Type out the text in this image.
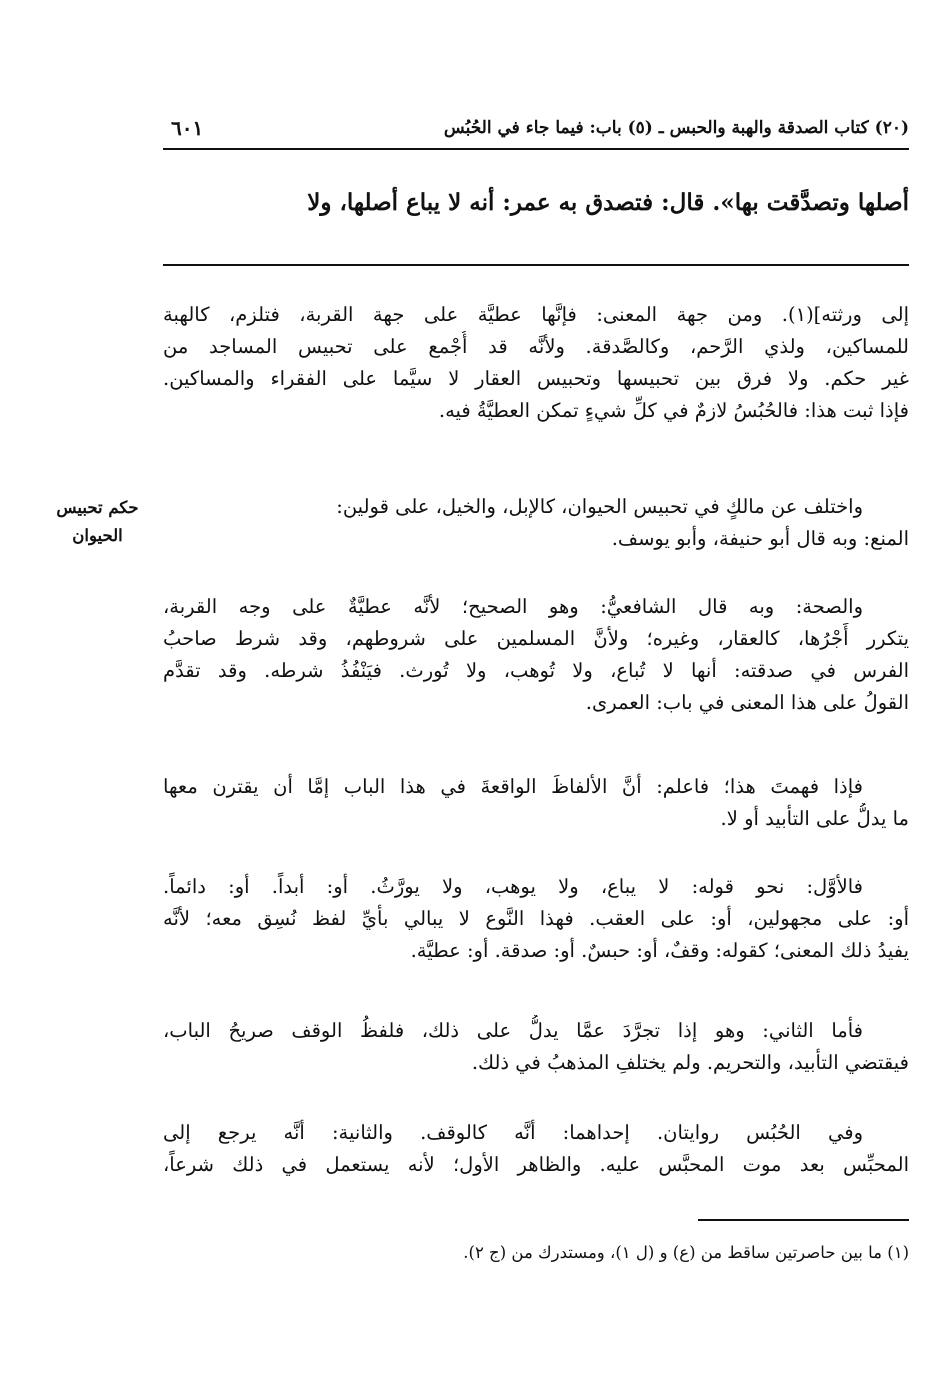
(٢٠) كتاب الصدقة والهبة والحبس ـ (٥) باب: فيما جاء في الحُبُس
٦٠١
أصلها وتصدَّقت بها». قال: فتصدق به عمر: أنه لا يباع أصلها، ولا
إلى ورثته](١). ومن جهة المعنى: فإنَّها عطيَّة على جهة القربة، فتلزم، كالهبة
للمساكين، ولذي الرَّحم، وكالصَّدقة. ولأنَّه قد أُجْمع على تحبيس المساجد من
غير حكم. ولا فرق بين تحبيسها وتحبيس العقار لا سيَّما على الفقراء والمساكين.
فإذا ثبت هذا: فالحُبُسُ لازمٌ في كلِّ شيءٍ تمكن العطيَّةُ فيه.
واختلف عن مالكٍ في تحبيس الحيوان، كالإبل، والخيل، على قولين:
المنع: وبه قال أبو حنيفة، وأبو يوسف.
حكم تحبيس
الحيوان
والصحة: وبه قال الشافعيُّ: وهو الصحيح؛ لأنَّه عطيَّةٌ على وجه القربة،
يتكرر أَجْرُها، كالعقار، وغيره؛ ولأنَّ المسلمين على شروطهم، وقد شرط صاحبُ
الفرس في صدقته: أنها لا تُباع، ولا تُوهب، ولا تُورث. فيَنْفُذُ شرطه. وقد تقدَّم
القولُ على هذا المعنى في باب: العمرى.
فإذا فهمتَ هذا؛ فاعلم: أنَّ الألفاظَ الواقعةَ في هذا الباب إمَّا أن يقترن معها
ما يدلُّ على التأبيد أو لا.
فالأوَّل: نحو قوله: لا يباع، ولا يوهب، ولا يورَّثُ. أو: أبداً. أو: دائماً.
أو: على مجهولين، أو: على العقب. فهذا النَّوع لا يبالي بأيِّ لفظ نُسِق معه؛ لأنَّه
يفيدُ ذلك المعنى؛ كقوله: وقفٌ، أو: حبسٌ. أو: صدقة. أو: عطيَّة.
فأما الثاني: وهو إذا تجرَّدَ عمَّا يدلُّ على ذلك، فلفظُ الوقف صريحُ الباب،
فيقتضي التأبيد، والتحريم. ولم يختلفِ المذهبُ في ذلك.
وفي الحُبُس روايتان. إحداهما: أنَّه كالوقف. والثانية: أنَّه يرجع إلى
المحبِّس بعد موت المحبَّس عليه. والظاهر الأول؛ لأنه يستعمل في ذلك شرعاً،
(١) ما بين حاصرتين ساقط من (ع) و (ل ١)، ومستدرك من (ج ٢).
